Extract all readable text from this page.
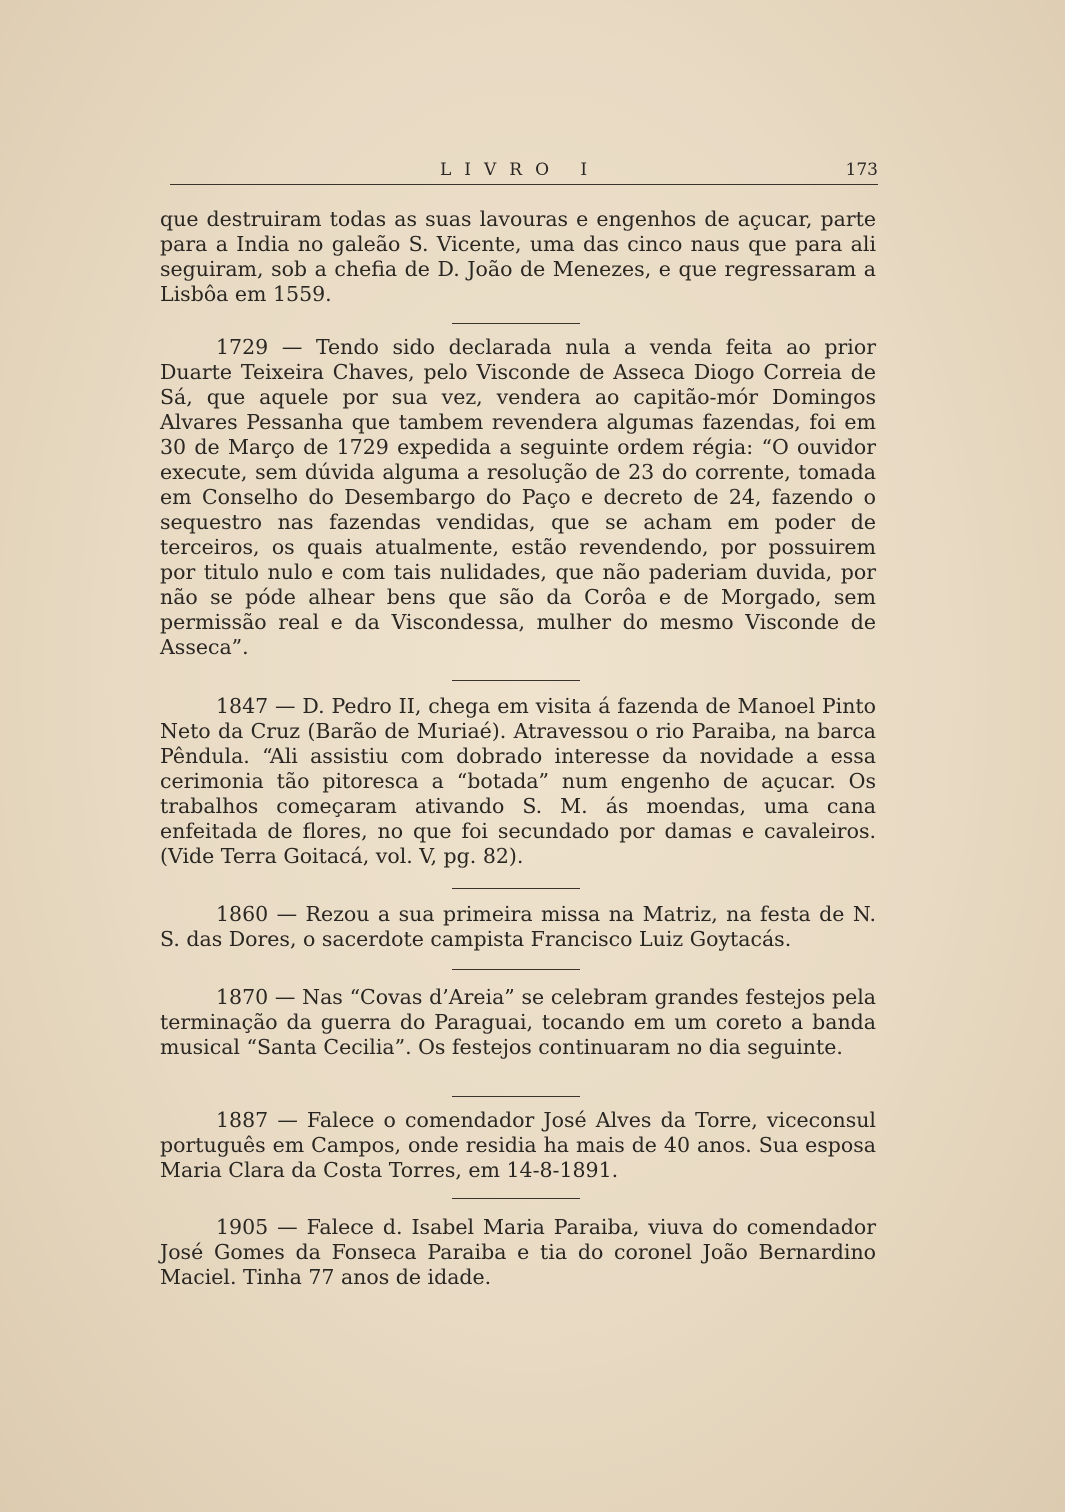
LIVRO I	173

que destruiram todas as suas lavouras e engenhos de açucar, parte para a India no galeão S. Vicente, uma das cinco naus que para ali seguiram, sob a chefia de D. João de Menezes, e que regressaram a Lisbôa em 1559.

1729 — Tendo sido declarada nula a venda feita ao prior Duarte Teixeira Chaves, pelo Visconde de Asseca Diogo Correia de Sá, que aquele por sua vez, vendera ao capitão-mór Domingos Alvares Pessanha que tambem revendera algumas fazendas, foi em 30 de Março de 1729 expedida a seguinte ordem régia: “O ouvidor execute, sem dúvida alguma a resolução de 23 do corrente, tomada em Conselho do Desembargo do Paço e decreto de 24, fazendo o sequestro nas fazendas vendidas, que se acham em poder de terceiros, os quais atualmente, estão revendendo, por possuirem por titulo nulo e com tais nulidades, que não paderiam duvida, por não se póde alhear bens que são da Corôa e de Morgado, sem permissão real e da Viscondessa, mulher do mesmo Visconde de Asseca”.

1847 — D. Pedro II, chega em visita á fazenda de Manoel Pinto Neto da Cruz (Barão de Muriaé). Atravessou o rio Paraiba, na barca Pêndula. “Ali assistiu com dobrado interesse da novidade a essa cerimonia tão pitoresca a “botada” num engenho de açucar. Os trabalhos começaram ativando S. M. ás moendas, uma cana enfeitada de flores, no que foi secundado por damas e cavaleiros. (Vide Terra Goitacá, vol. V, pg. 82).

1860 — Rezou a sua primeira missa na Matriz, na festa de N. S. das Dores, o sacerdote campista Francisco Luiz Goytacás.

1870 — Nas “Covas d’Areia” se celebram grandes festejos pela terminação da guerra do Paraguai, tocando em um coreto a banda musical “Santa Cecilia”. Os festejos continuaram no dia seguinte.

1887 — Falece o comendador José Alves da Torre, viceconsul português em Campos, onde residia ha mais de 40 anos. Sua esposa Maria Clara da Costa Torres, em 14-8-1891.

1905 — Falece d. Isabel Maria Paraiba, viuva do comendador José Gomes da Fonseca Paraiba e tia do coronel João Bernardino Maciel. Tinha 77 anos de idade.
